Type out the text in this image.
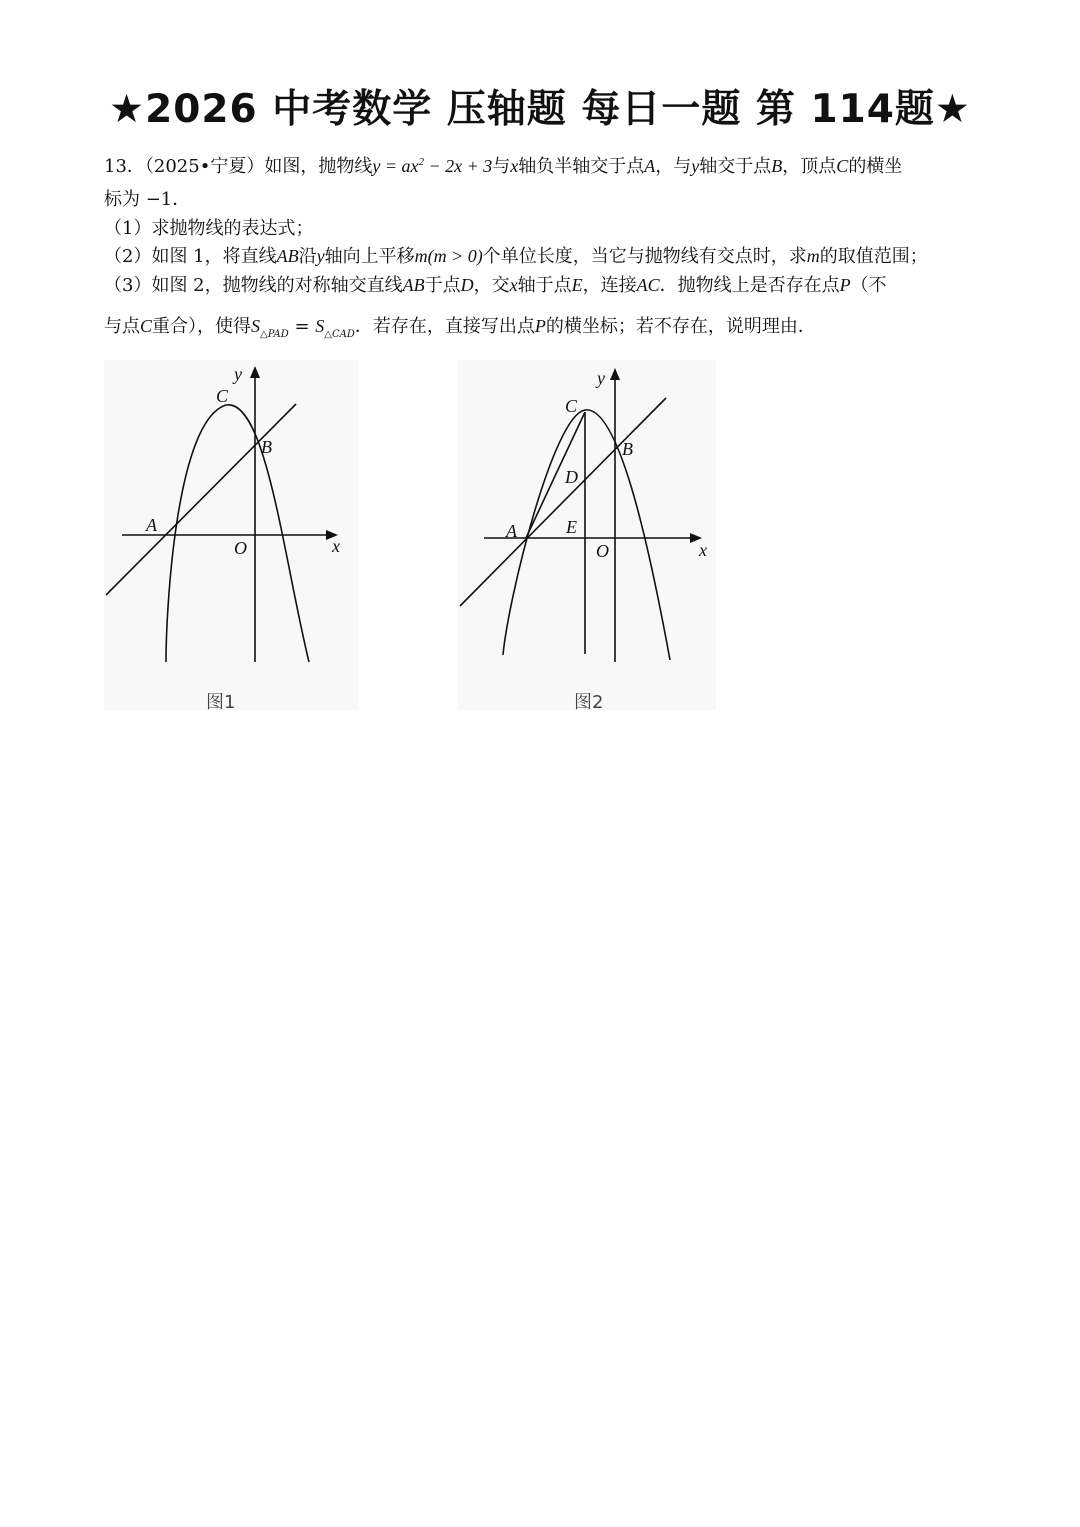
★2026 中考数学 压轴题 每日一题 第 114题★
13．（2025•宁夏）如图，抛物线$y = ax^2 - 2x + 3$与x轴负半轴交于点A，与y轴交于点B，顶点C的横坐
标为 −1．
（1）求抛物线的表达式；
（2）如图 1，将直线AB沿y轴向上平移m(m > 0)个单位长度，当它与抛物线有交点时，求m的取值范围；
（3）如图 2，抛物线的对称轴交直线AB于点D，交x轴于点E，连接AC．抛物线上是否存在点P（不
与点C重合），使得$S_{\triangle PAD} = S_{\triangle CAD}$．若存在，直接写出点P的横坐标；若不存在，说明理由．
y
x
C
B
A
O
图1
y
x
C
B
D
E
A
O
图2
